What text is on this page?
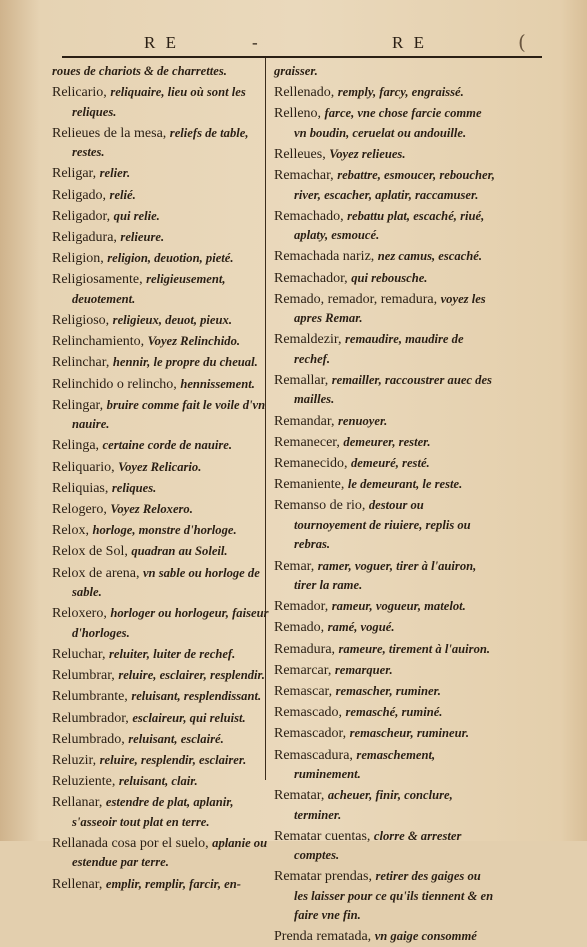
R E	-	R E	(

roues de chariots & de charrettes.

Relicario, reliquaire, lieu où sont les reliques.

Relieues de la mesa, reliefs de table, restes.

Religar, relier.

Religado, relié.

Religador, qui relie.

Religadura, relieure.

Religion, religion, deuotion, pieté.

Religiosamente, religieusement, deuotement.

Religioso, religieux, deuot, pieux.

Relinchamiento, Voyez Relinchido.

Relinchar, hennir, le propre du cheual.

Relinchido o relincho, hennissement.

Relingar, bruire comme fait le voile d'vn nauire.

Relinga, certaine corde de nauire.

Reliquario, Voyez Relicario.

Reliquias, reliques.

Relogero, Voyez Reloxero.

Relox, horloge, monstre d'horloge.

Relox de Sol, quadran au Soleil.

Relox de arena, vn sable ou horloge de sable.

Reloxero, horloger ou horlogeur, faiseur d'horloges.

Reluchar, reluiter, luiter de rechef.

Relumbrar, reluire, esclairer, resplendir.

Relumbrante, reluisant, resplendissant.

Relumbrador, esclaireur, qui reluist.

Relumbrado, reluisant, esclairé.

Reluzir, reluire, resplendir, esclairer.

Reluziente, reluisant, clair.

Rellanar, estendre de plat, aplanir, s'asseoir tout plat en terre.

Rellanada cosa por el suelo, aplanie ou estendue par terre.

Rellenar, emplir, remplir, farcir, en-

graisser.

Rellenado, remply, farcy, engraissé.

Relleno, farce, vne chose farcie comme vn boudin, ceruelat ou andouille.

Relleues, Voyez relieues.

Remachar, rebattre, esmoucer, reboucher, river, escacher, aplatir, raccamuser.

Remachado, rebattu plat, escaché, riué, aplaty, esmoucé.

Remachada nariz, nez camus, escaché.

Remachador, qui rebousche.

Remado, remador, remadura, voyez les apres Remar.

Remaldezir, remaudire, maudire de rechef.

Remallar, remailler, raccoustrer auec des mailles.

Remandar, renuoyer.

Remanecer, demeurer, rester.

Remanecido, demeuré, resté.

Remaniente, le demeurant, le reste.

Remanso de rio, destour ou tournoyement de riuiere, replis ou rebras.

Remar, ramer, voguer, tirer à l'auiron, tirer la rame.

Remador, rameur, vogueur, matelot.

Remado, ramé, vogué.

Remadura, rameure, tirement à l'auiron.

Remarcar, remarquer.

Remascar, remascher, ruminer.

Remascado, remasché, ruminé.

Remascador, remascheur, rumineur.

Remascadura, remaschement, ruminement.

Rematar, acheuer, finir, conclure, terminer.

Rematar cuentas, clorre & arrester comptes.

Rematar prendas, retirer des gaiges ou les laisser pour ce qu'ils tiennent & en faire vne fin.

Prenda rematada, vn gaige consommé
